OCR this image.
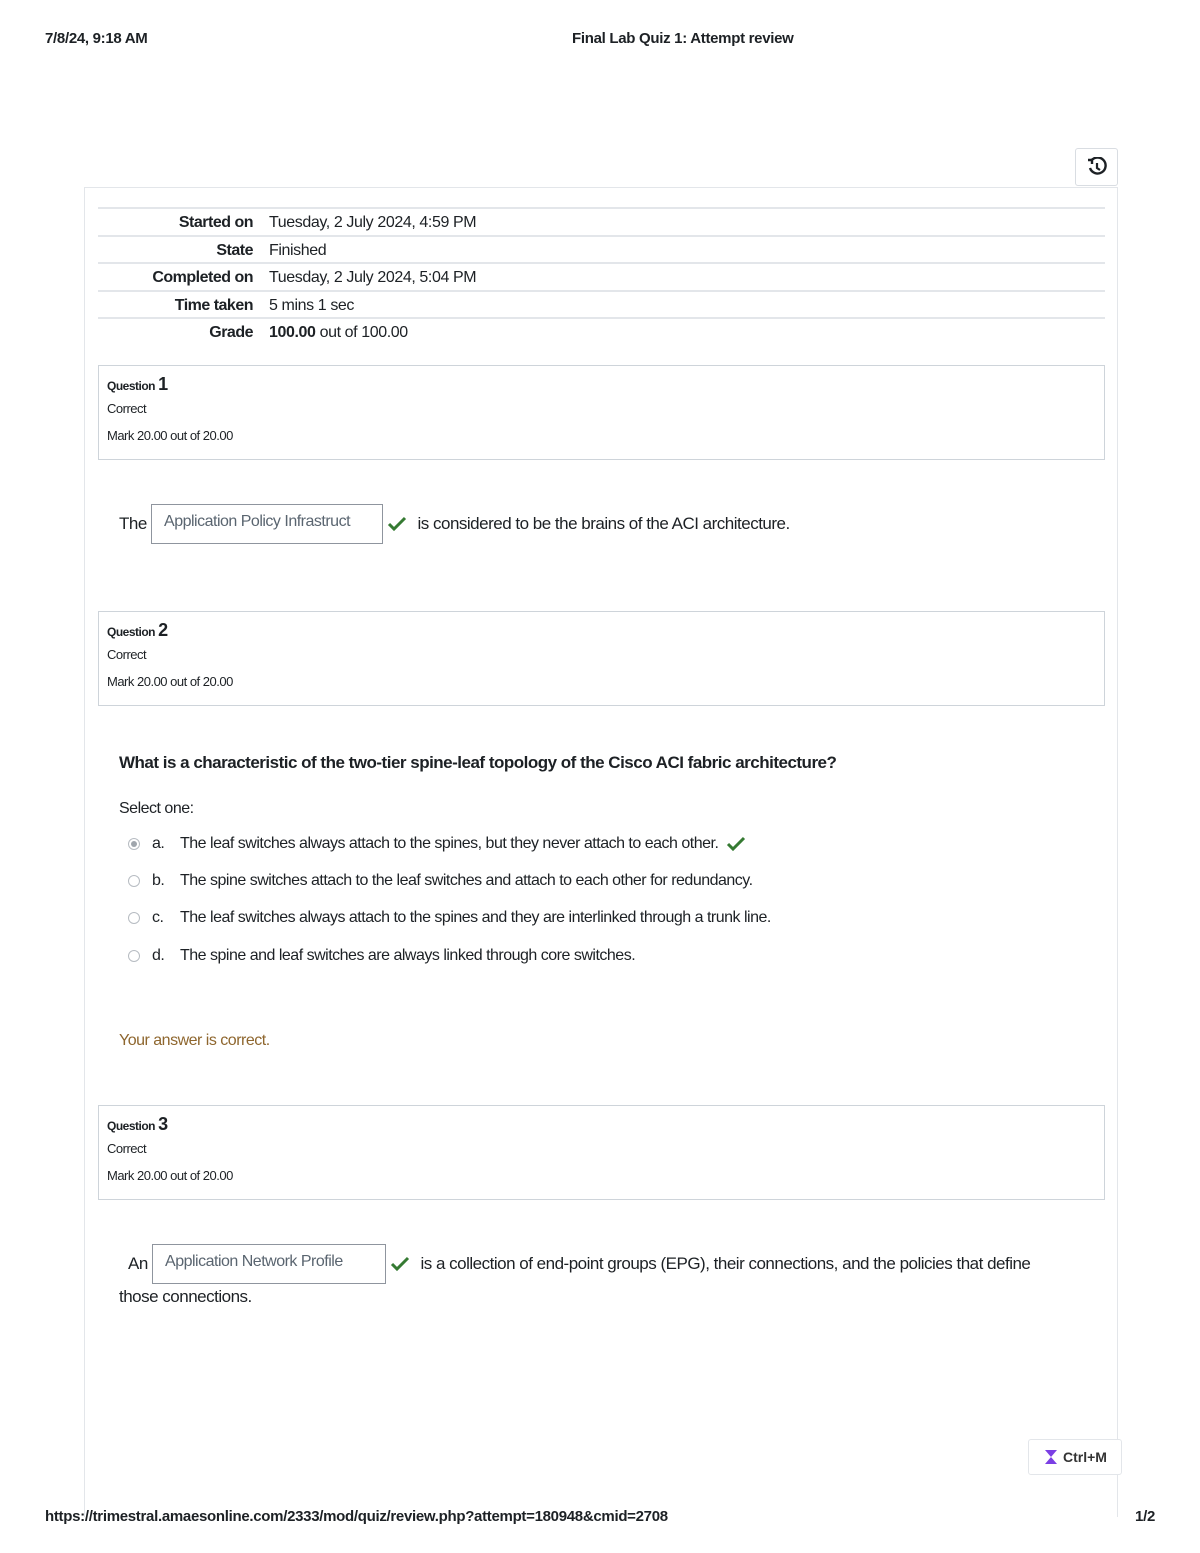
7/8/24, 9:18 AM	Final Lab Quiz 1: Attempt review
Started on Tuesday, 2 July 2024, 4:59 PM
State Finished
Completed on Tuesday, 2 July 2024, 5:04 PM
Time taken 5 mins 1 sec
Grade 100.00 out of 100.00
Question 1
Correct
Mark 20.00 out of 20.00
The Application Policy Infrastruct	is considered to be the brains of the ACI architecture.
Question 2
Correct
Mark 20.00 out of 20.00
What is a characteristic of the two-tier spine-leaf topology of the Cisco ACI fabric architecture?
Select one:
a. The leaf switches always attach to the spines, but they never attach to each other.
b. The spine switches attach to the leaf switches and attach to each other for redundancy.
c.	The leaf switches always attach to the spines and they are interlinked through a trunk line.
d. The spine and leaf switches are always linked through core switches.
Your answer is correct.
Question 3
Correct
Mark 20.00 out of 20.00
An Application Network Profile	is a collection of end-point groups (EPG), their connections, and the policies that define
those connections.
Ctrl+M
https://trimestral.amaesonline.com/2333/mod/quiz/review.php?attempt=180948&cmid=2708	1/2
